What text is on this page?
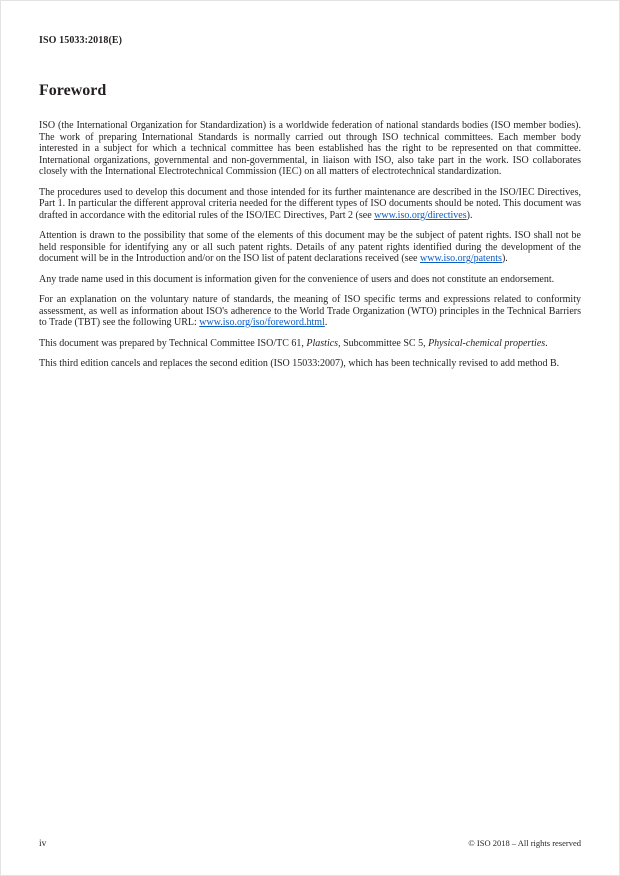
ISO 15033:2018(E)
Foreword

ISO (the International Organization for Standardization) is a worldwide federation of national standards bodies (ISO member bodies). The work of preparing International Standards is normally carried out through ISO technical committees. Each member body interested in a subject for which a technical committee has been established has the right to be represented on that committee. International organizations, governmental and non-governmental, in liaison with ISO, also take part in the work. ISO collaborates closely with the International Electrotechnical Commission (IEC) on all matters of electrotechnical standardization.

The procedures used to develop this document and those intended for its further maintenance are described in the ISO/IEC Directives, Part 1. In particular the different approval criteria needed for the different types of ISO documents should be noted. This document was drafted in accordance with the editorial rules of the ISO/IEC Directives, Part 2 (see www.iso.org/directives).

Attention is drawn to the possibility that some of the elements of this document may be the subject of patent rights. ISO shall not be held responsible for identifying any or all such patent rights. Details of any patent rights identified during the development of the document will be in the Introduction and/or on the ISO list of patent declarations received (see www.iso.org/patents).

Any trade name used in this document is information given for the convenience of users and does not constitute an endorsement.

For an explanation on the voluntary nature of standards, the meaning of ISO specific terms and expressions related to conformity assessment, as well as information about ISO's adherence to the World Trade Organization (WTO) principles in the Technical Barriers to Trade (TBT) see the following URL: www.iso.org/iso/foreword.html.

This document was prepared by Technical Committee ISO/TC 61, Plastics, Subcommittee SC 5, Physical-chemical properties.

This third edition cancels and replaces the second edition (ISO 15033:2007), which has been technically revised to add method B.

iv	© ISO 2018 – All rights reserved
